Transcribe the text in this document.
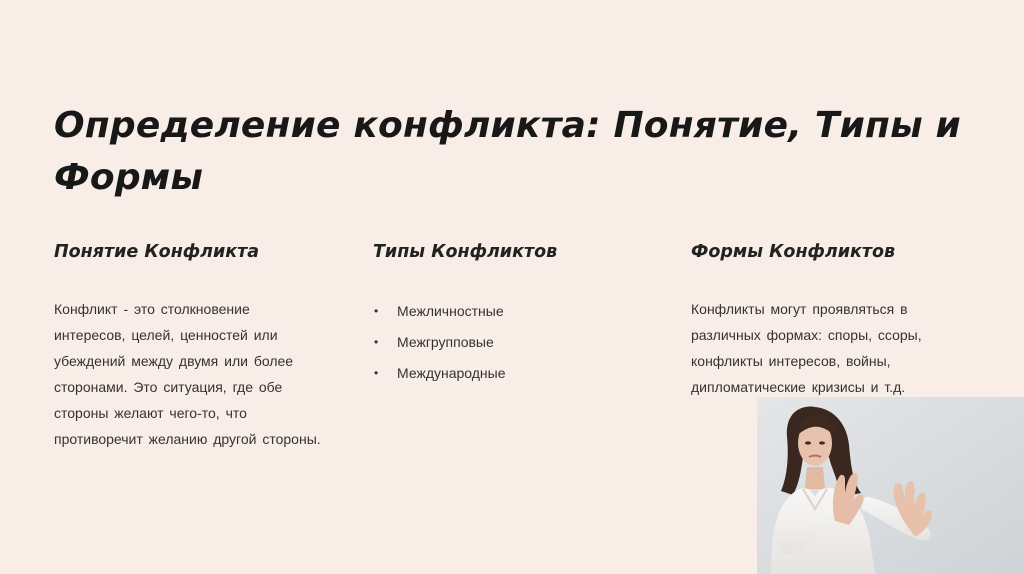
Определение конфликта: Понятие, Типы и Формы
Понятие Конфликта

Конфликт - это столкновение интересов, целей, ценностей или убеждений между двумя или более сторонами. Это ситуация, где обе стороны желают чего-то, что противоречит желанию другой стороны.

Типы Конфликтов
• Межличностные
• Межгрупповые
• Международные
Формы Конфликтов

Конфликты могут проявляться в различных формах: споры, ссоры, конфликты интересов, войны, дипломатические кризисы и т.д.
